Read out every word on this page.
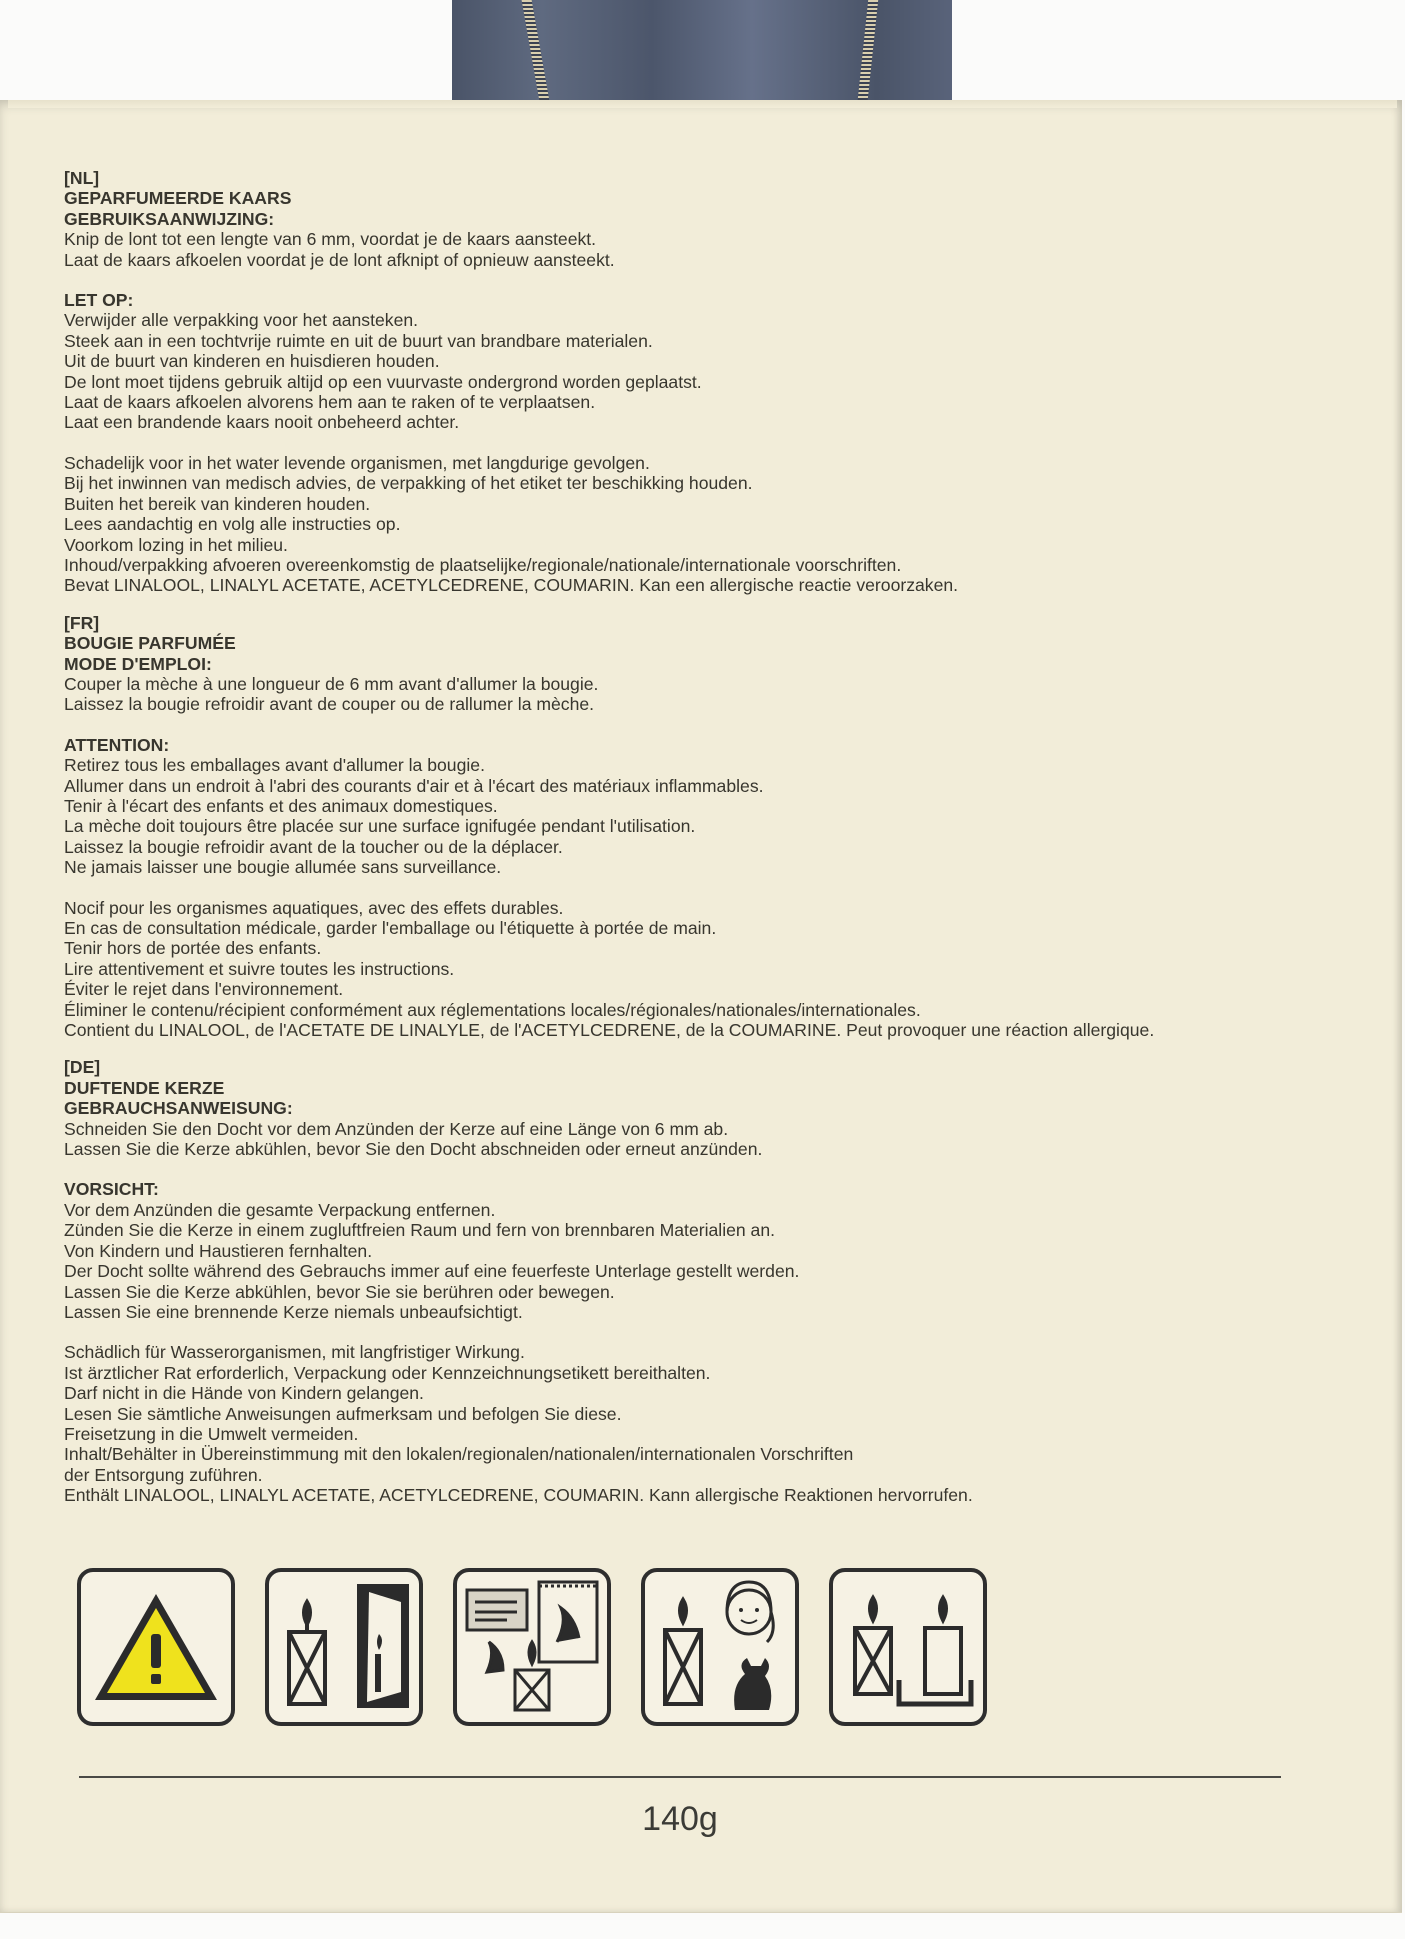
[NL]
GEPARFUMEERDE KAARS
GEBRUIKSAANWIJZING:
Knip de lont tot een lengte van 6 mm, voordat je de kaars aansteekt.
Laat de kaars afkoelen voordat je de lont afknipt of opnieuw aansteekt.
LET OP:
Verwijder alle verpakking voor het aansteken.
Steek aan in een tochtvrije ruimte en uit de buurt van brandbare materialen.
Uit de buurt van kinderen en huisdieren houden.
De lont moet tijdens gebruik altijd op een vuurvaste ondergrond worden geplaatst.
Laat de kaars afkoelen alvorens hem aan te raken of te verplaatsen.
Laat een brandende kaars nooit onbeheerd achter.
Schadelijk voor in het water levende organismen, met langdurige gevolgen.
Bij het inwinnen van medisch advies, de verpakking of het etiket ter beschikking houden.
Buiten het bereik van kinderen houden.
Lees aandachtig en volg alle instructies op.
Voorkom lozing in het milieu.
Inhoud/verpakking afvoeren overeenkomstig de plaatselijke/regionale/nationale/internationale voorschriften.
Bevat LINALOOL, LINALYL ACETATE, ACETYLCEDRENE, COUMARIN. Kan een allergische reactie veroorzaken.
[FR]
BOUGIE PARFUMÉE
MODE D'EMPLOI:
Couper la mèche à une longueur de 6 mm avant d'allumer la bougie.
Laissez la bougie refroidir avant de couper ou de rallumer la mèche.
ATTENTION:
Retirez tous les emballages avant d'allumer la bougie.
Allumer dans un endroit à l'abri des courants d'air et à l'écart des matériaux inflammables.
Tenir à l'écart des enfants et des animaux domestiques.
La mèche doit toujours être placée sur une surface ignifugée pendant l'utilisation.
Laissez la bougie refroidir avant de la toucher ou de la déplacer.
Ne jamais laisser une bougie allumée sans surveillance.
Nocif pour les organismes aquatiques, avec des effets durables.
En cas de consultation médicale, garder l'emballage ou l'étiquette à portée de main.
Tenir hors de portée des enfants.
Lire attentivement et suivre toutes les instructions.
Éviter le rejet dans l'environnement.
Éliminer le contenu/récipient conformément aux réglementations locales/régionales/nationales/internationales.
Contient du LINALOOL, de l'ACETATE DE LINALYLE, de l'ACETYLCEDRENE, de la COUMARINE. Peut provoquer une réaction allergique.
[DE]
DUFTENDE KERZE
GEBRAUCHSANWEISUNG:
Schneiden Sie den Docht vor dem Anzünden der Kerze auf eine Länge von 6 mm ab.
Lassen Sie die Kerze abkühlen, bevor Sie den Docht abschneiden oder erneut anzünden.
VORSICHT:
Vor dem Anzünden die gesamte Verpackung entfernen.
Zünden Sie die Kerze in einem zugluftfreien Raum und fern von brennbaren Materialien an.
Von Kindern und Haustieren fernhalten.
Der Docht sollte während des Gebrauchs immer auf eine feuerfeste Unterlage gestellt werden.
Lassen Sie die Kerze abkühlen, bevor Sie sie berühren oder bewegen.
Lassen Sie eine brennende Kerze niemals unbeaufsichtigt.
Schädlich für Wasserorganismen, mit langfristiger Wirkung.
Ist ärztlicher Rat erforderlich, Verpackung oder Kennzeichnungsetikett bereithalten.
Darf nicht in die Hände von Kindern gelangen.
Lesen Sie sämtliche Anweisungen aufmerksam und befolgen Sie diese.
Freisetzung in die Umwelt vermeiden.
Inhalt/Behälter in Übereinstimmung mit den lokalen/regionalen/nationalen/internationalen Vorschriften
der Entsorgung zuführen.
Enthält LINALOOL, LINALYL ACETATE, ACETYLCEDRENE, COUMARIN. Kann allergische Reaktionen hervorrufen.
140g
